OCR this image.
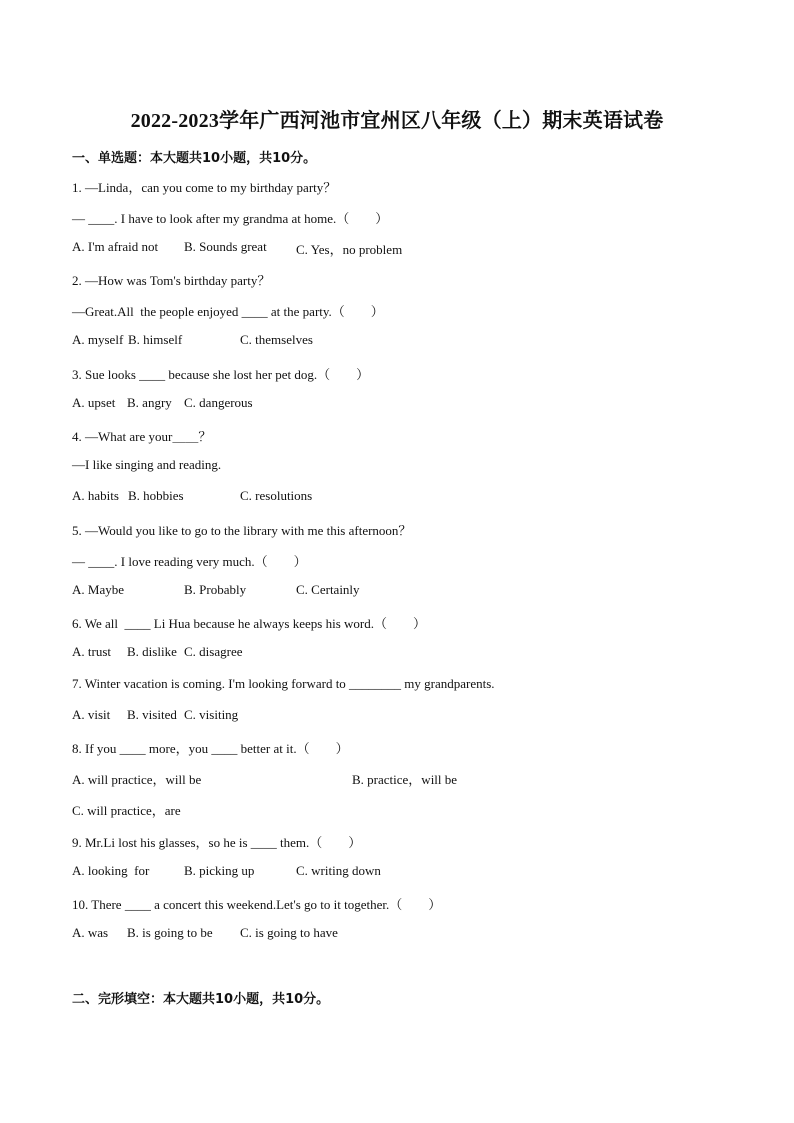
2022-2023学年广西河池市宜州区八年级（上）期末英语试卷
一、单选题：本大题共10小题，共10分。
1. —Linda，can you come to my birthday party？
— ____. I have to look after my grandma at home.（　　）
A. I'm afraid not B. Sounds great C. Yes，no problem
2. —How was Tom's birthday party？
—Great.All  the people enjoyed ____ at the party.（　　）
A. myself B. himself	C. themselves
3. Sue looks ____ because she lost her pet dog.（　　）
A. upset B. angry C. dangerous
4. —What are your＿＿？
—I like singing and reading.
A. habits B. hobbies	C. resolutions
5. —Would you like to go to the library with me this afternoon？
— ____. I love reading very much.（　　）
A. Maybe	B. Probably	C. Certainly
6. We all  ____ Li Hua because he always keeps his word.（　　）
A. trust B. dislike C. disagree
7. Winter vacation is coming. I'm looking forward to ________ my grandparents.
A. visit B. visited C. visiting
8. If you ____ more，you ____ better at it.（　　）
A. will practice，will be	B. practice，will be
C. will practice，are
9. Mr.Li lost his glasses，so he is ____ them.（　　）
A. looking  for	B. picking up	C. writing down
10. There ____ a concert this weekend.Let's go to it together.（　　）
A. was B. is going to be C. is going to have
二、完形填空：本大题共10小题，共10分。
